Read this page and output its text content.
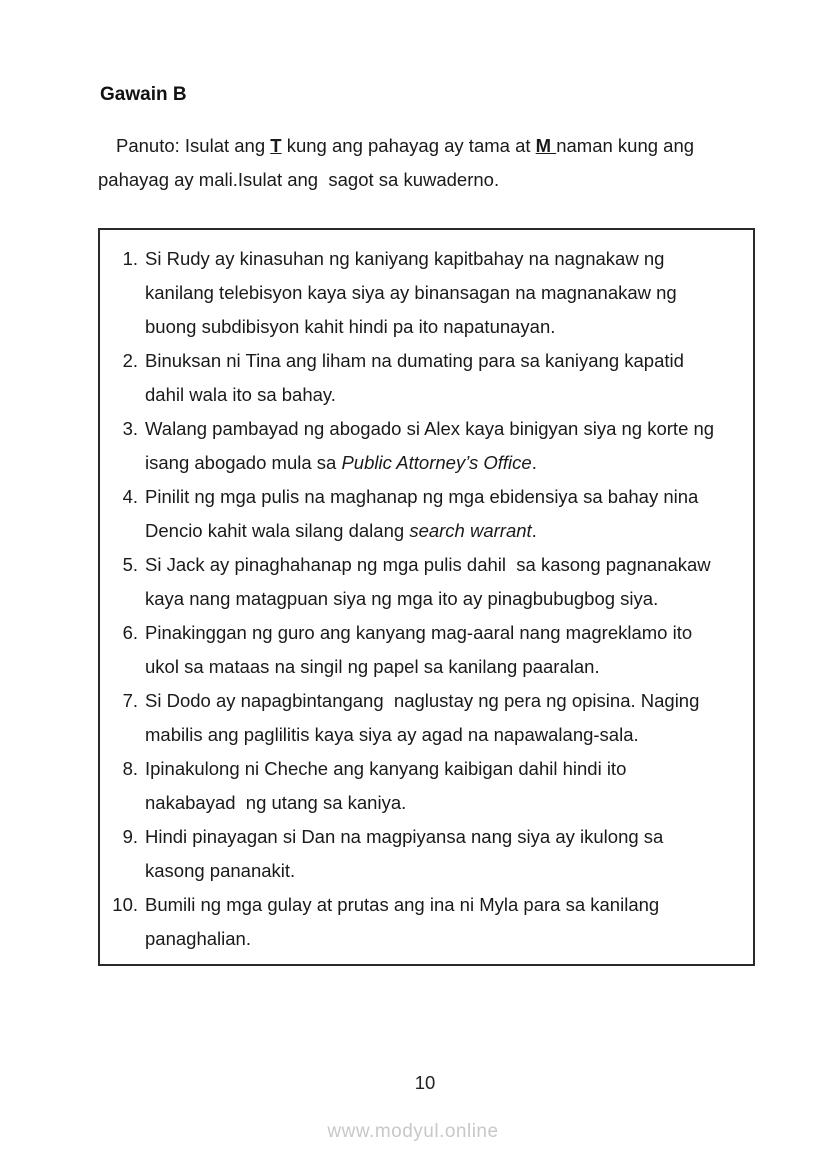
Gawain B
Panuto: Isulat ang T kung ang pahayag ay tama at M naman kung ang
pahayag ay mali.Isulat ang  sagot sa kuwaderno.
1. Si Rudy ay kinasuhan ng kaniyang kapitbahay na nagnakaw ng
kanilang telebisyon kaya siya ay binansagan na magnanakaw ng
buong subdibisyon kahit hindi pa ito napatunayan.
2. Binuksan ni Tina ang liham na dumating para sa kaniyang kapatid
dahil wala ito sa bahay.
3. Walang pambayad ng abogado si Alex kaya binigyan siya ng korte ng
isang abogado mula sa Public Attorney’s Office.
4. Pinilit ng mga pulis na maghanap ng mga ebidensiya sa bahay nina
Dencio kahit wala silang dalang search warrant.
5. Si Jack ay pinaghahanap ng mga pulis dahil  sa kasong pagnanakaw
kaya nang matagpuan siya ng mga ito ay pinagbubugbog siya.
6. Pinakinggan ng guro ang kanyang mag-aaral nang magreklamo ito
ukol sa mataas na singil ng papel sa kanilang paaralan.
7. Si Dodo ay napagbintangang  naglustay ng pera ng opisina. Naging
mabilis ang paglilitis kaya siya ay agad na napawalang-sala.
8. Ipinakulong ni Cheche ang kanyang kaibigan dahil hindi ito
nakabayad  ng utang sa kaniya.
9. Hindi pinayagan si Dan na magpiyansa nang siya ay ikulong sa
kasong pananakit.
10. Bumili ng mga gulay at prutas ang ina ni Myla para sa kanilang
panaghalian.
10
www.modyul.online
